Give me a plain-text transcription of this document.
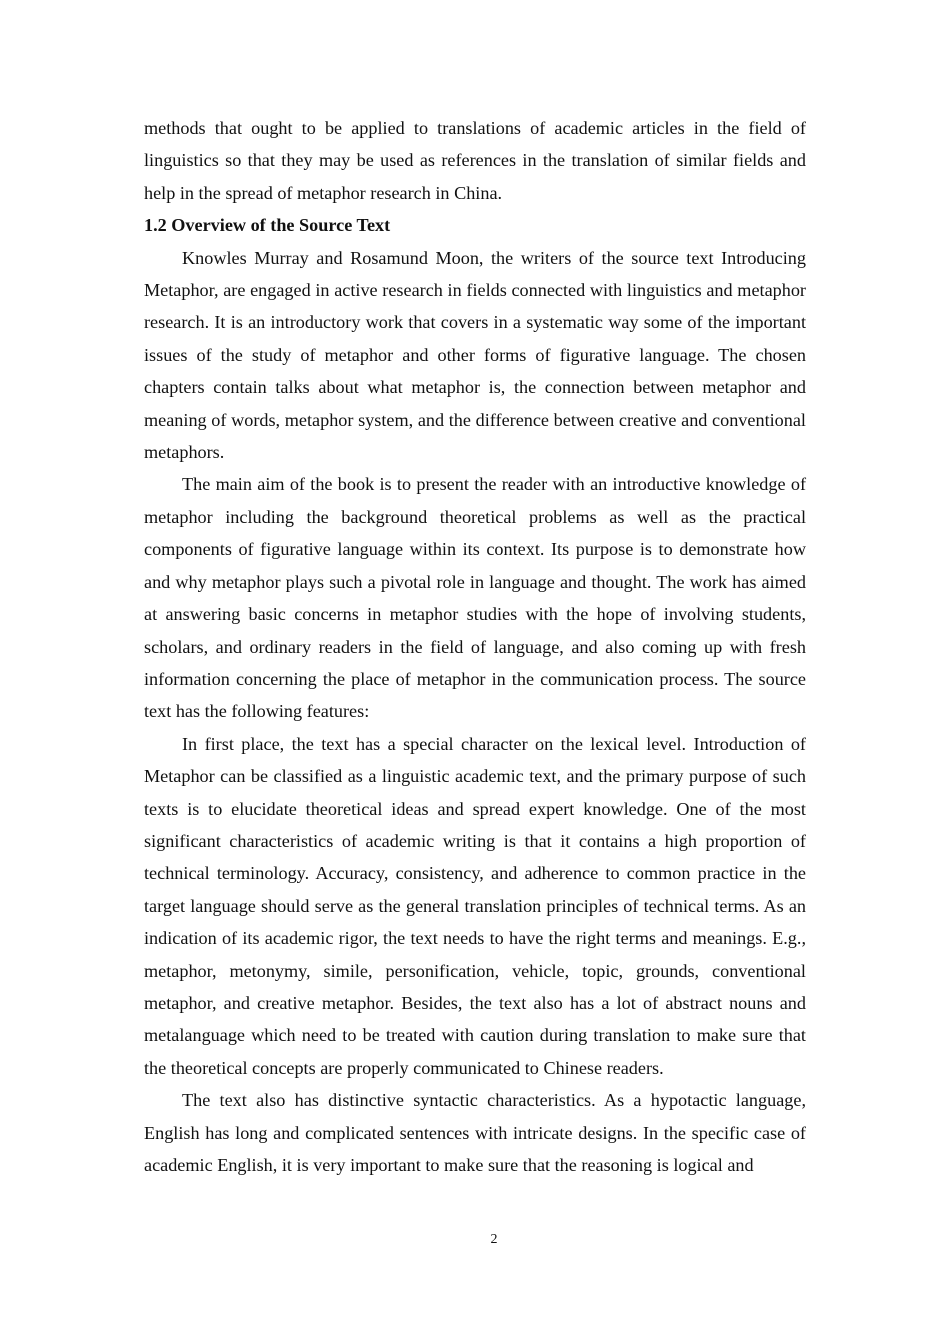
methods that ought to be applied to translations of academic articles in the field of linguistics so that they may be used as references in the translation of similar fields and help in the spread of metaphor research in China.

1.2 Overview of the Source Text

Knowles Murray and Rosamund Moon, the writers of the source text Introducing Metaphor, are engaged in active research in fields connected with linguistics and metaphor research. It is an introductory work that covers in a systematic way some of the important issues of the study of metaphor and other forms of figurative language. The chosen chapters contain talks about what metaphor is, the connection between metaphor and meaning of words, metaphor system, and the difference between creative and conventional metaphors.

The main aim of the book is to present the reader with an introductive knowledge of metaphor including the background theoretical problems as well as the practical components of figurative language within its context. Its purpose is to demonstrate how and why metaphor plays such a pivotal role in language and thought. The work has aimed at answering basic concerns in metaphor studies with the hope of involving students, scholars, and ordinary readers in the field of language, and also coming up with fresh information concerning the place of metaphor in the communication process. The source text has the following features:

In first place, the text has a special character on the lexical level. Introduction of Metaphor can be classified as a linguistic academic text, and the primary purpose of such texts is to elucidate theoretical ideas and spread expert knowledge. One of the most significant characteristics of academic writing is that it contains a high proportion of technical terminology. Accuracy, consistency, and adherence to common practice in the target language should serve as the general translation principles of technical terms. As an indication of its academic rigor, the text needs to have the right terms and meanings. E.g., metaphor, metonymy, simile, personification, vehicle, topic, grounds, conventional metaphor, and creative metaphor. Besides, the text also has a lot of abstract nouns and metalanguage which need to be treated with caution during translation to make sure that the theoretical concepts are properly communicated to Chinese readers.

The text also has distinctive syntactic characteristics. As a hypotactic language, English has long and complicated sentences with intricate designs. In the specific case of academic English, it is very important to make sure that the reasoning is logical and

2
